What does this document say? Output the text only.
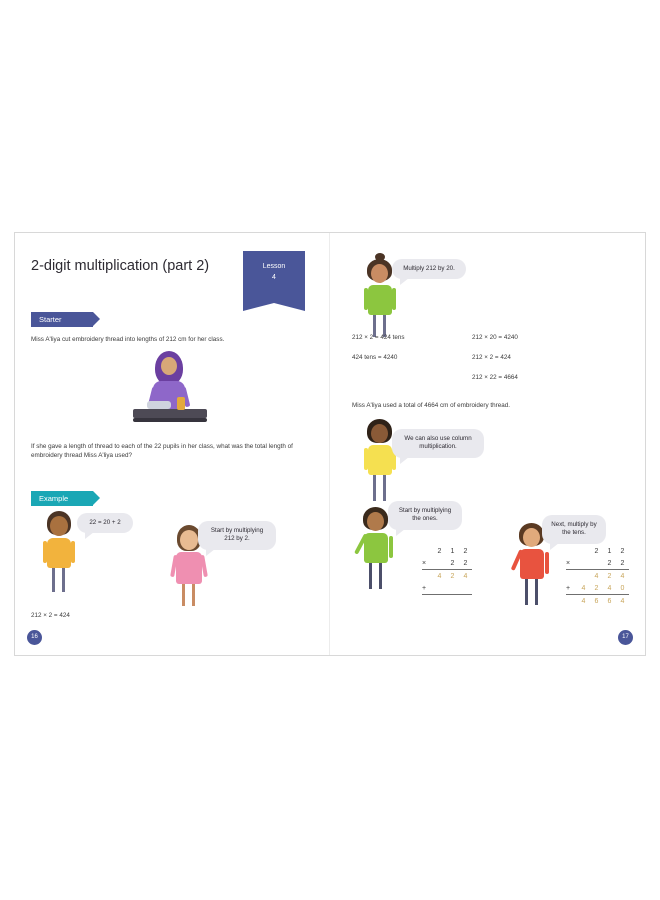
2-digit multiplication (part 2)	Lesson
4
Starter
Miss A'liya cut embroidery thread into lengths of 212 cm for her class.
If she gave a length of thread to each of the 22 pupils in her class, what was the total length of embroidery thread Miss A'liya used?
Example
22 = 20 + 2
Start by multiplying 212 by 2.
212 × 2 = 424
16
Multiply 212 by 20.
212 × 2 = 424 tens
424 tens = 4240
212 × 20 = 4240
212 × 2 = 424
212 × 22 = 4664
Miss A'liya used a total of 4664 cm of embroidery thread.
We can also use column multiplication.
Start by multiplying the ones.
	2	1	2
×		2	2
	4	2	4
+			

Next, multiply by the tens.
		2	1	2
×			2	2
		4	2	4
+	4	2	4	0
	4	6	6	4
17
